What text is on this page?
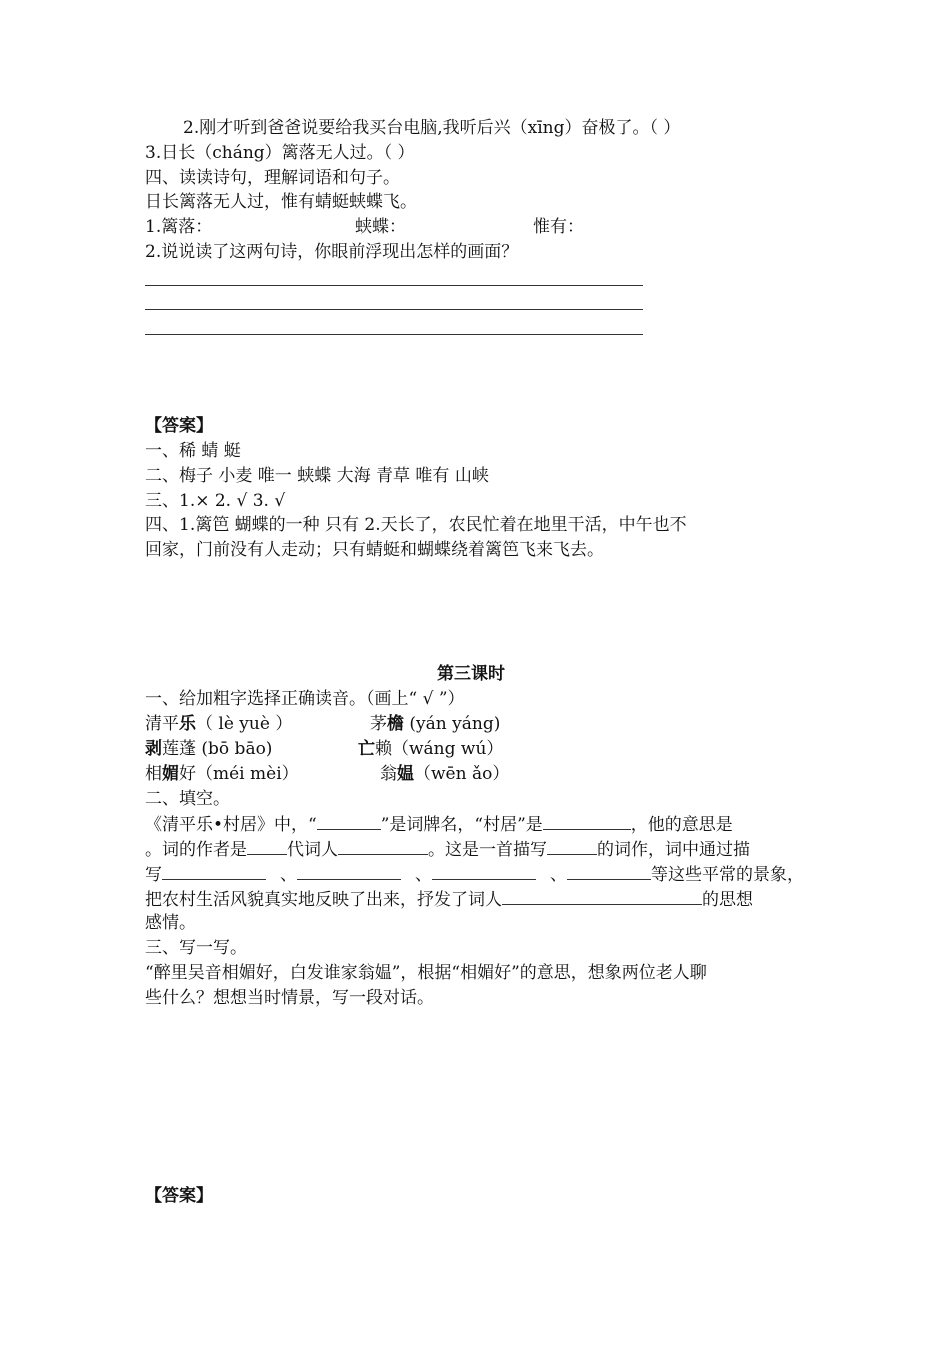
2.刚才听到爸爸说要给我买台电脑,我听后兴（xīng）奋极了。（ ）
3.日长（cháng）篱落无人过。（ ）
四、读读诗句，理解词语和句子。
日长篱落无人过，惟有蜻蜓蛱蝶飞。
1.篱落：	蛱蝶：	惟有：
2.说说读了这两句诗，你眼前浮现出怎样的画面？
【答案】
一、稀 蜻 蜓
二、梅子 小麦 唯一 蛱蝶 大海 青草 唯有 山峡
三、1.× 2. √ 3. √
四、1.篱笆 蝴蝶的一种 只有 2.天长了，农民忙着在地里干活，中午也不
回家，门前没有人走动；只有蜻蜓和蝴蝶绕着篱笆飞来飞去。
第三课时
一、给加粗字选择正确读音。（画上“ √ ”）
清平乐（ lè yuè ）	茅檐 (yán yáng)
剥莲蓬 (bō bāo)	亡赖（wáng wú）
相媚好（méi mèi）	翁媪（wēn ǎo）
二、填空。
《清平乐•村居》中，“	”是词牌名，“村居”是	，他的意思是
。词的作者是 代词人	。这是一首描写	的词作，词中通过描
写	、	、	、	等这些平常的景象，
把农村生活风貌真实地反映了出来，抒发了词人	的思想
感情。
三、写一写。
“醉里吴音相媚好，白发谁家翁媪”，根据“相媚好”的意思，想象两位老人聊
些什么？想想当时情景，写一段对话。
【答案】
